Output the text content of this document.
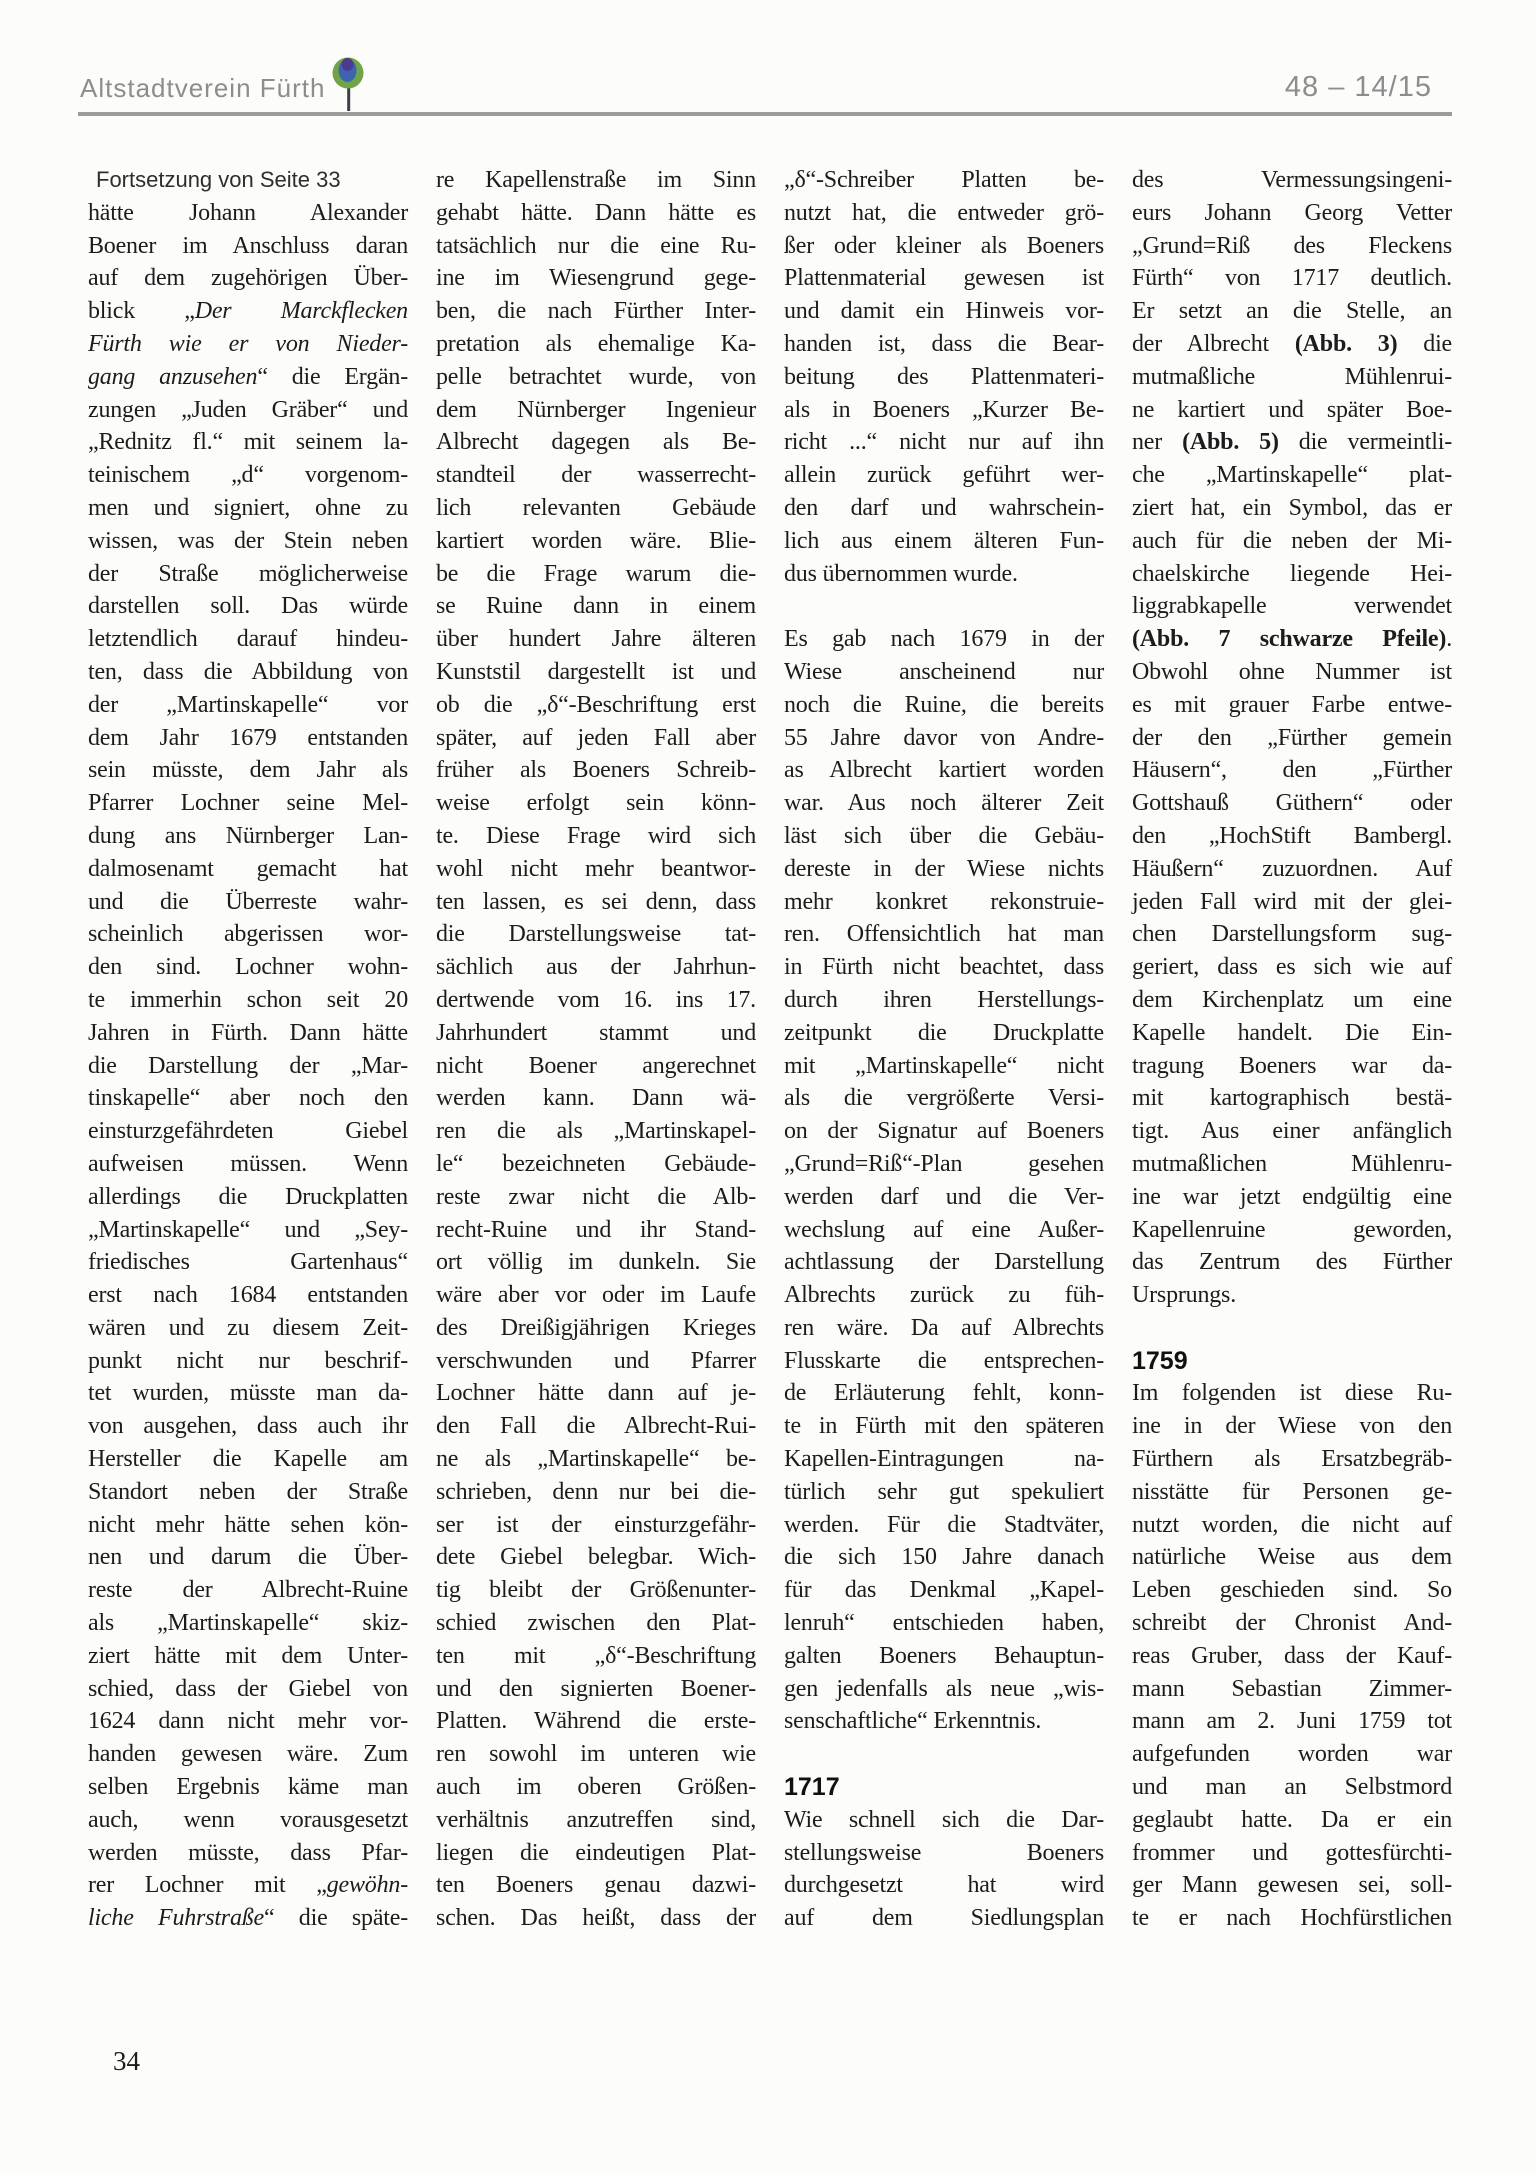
Altstadtverein Fürth	48 – 14/15
Fortsetzung von Seite 33
hätte Johann Alexander
Boener im Anschluss daran
auf dem zugehörigen Über-
blick „Der Marckflecken
Fürth wie er von Nieder-
gang anzusehen“ die Ergän-
zungen „Juden Gräber“ und
„Rednitz fl.“ mit seinem la-
teinischem „d“ vorgenom-
men und signiert, ohne zu
wissen, was der Stein neben
der Straße möglicherweise
darstellen soll. Das würde
letztendlich darauf hindeu-
ten, dass die Abbildung von
der „Martinskapelle“ vor
dem Jahr 1679 entstanden
sein müsste, dem Jahr als
Pfarrer Lochner seine Mel-
dung ans Nürnberger Lan-
dalmosenamt gemacht hat
und die Überreste wahr-
scheinlich abgerissen wor-
den sind. Lochner wohn-
te immerhin schon seit 20
Jahren in Fürth. Dann hätte
die Darstellung der „Mar-
tinskapelle“ aber noch den
einsturzgefährdeten Giebel
aufweisen müssen. Wenn
allerdings die Druckplatten
„Martinskapelle“ und „Sey-
friedisches Gartenhaus“
erst nach 1684 entstanden
wären und zu diesem Zeit-
punkt nicht nur beschrif-
tet wurden, müsste man da-
von ausgehen, dass auch ihr
Hersteller die Kapelle am
Standort neben der Straße
nicht mehr hätte sehen kön-
nen und darum die Über-
reste der Albrecht-Ruine
als „Martinskapelle“ skiz-
ziert hätte mit dem Unter-
schied, dass der Giebel von
1624 dann nicht mehr vor-
handen gewesen wäre. Zum
selben Ergebnis käme man
auch, wenn vorausgesetzt
werden müsste, dass Pfar-
rer Lochner mit „gewöhn-
liche Fuhrstraße“ die späte-
re Kapellenstraße im Sinn
gehabt hätte. Dann hätte es
tatsächlich nur die eine Ru-
ine im Wiesengrund gege-
ben, die nach Fürther Inter-
pretation als ehemalige Ka-
pelle betrachtet wurde, von
dem Nürnberger Ingenieur
Albrecht dagegen als Be-
standteil der wasserrecht-
lich relevanten Gebäude
kartiert worden wäre. Blie-
be die Frage warum die-
se Ruine dann in einem
über hundert Jahre älteren
Kunststil dargestellt ist und
ob die „δ“-Beschriftung erst
später, auf jeden Fall aber
früher als Boeners Schreib-
weise erfolgt sein könn-
te. Diese Frage wird sich
wohl nicht mehr beantwor-
ten lassen, es sei denn, dass
die Darstellungsweise tat-
sächlich aus der Jahrhun-
dertwende vom 16. ins 17.
Jahrhundert stammt und
nicht Boener angerechnet
werden kann. Dann wä-
ren die als „Martinskapel-
le“ bezeichneten Gebäude-
reste zwar nicht die Alb-
recht-Ruine und ihr Stand-
ort völlig im dunkeln. Sie
wäre aber vor oder im Laufe
des Dreißigjährigen Krieges
verschwunden und Pfarrer
Lochner hätte dann auf je-
den Fall die Albrecht-Rui-
ne als „Martinskapelle“ be-
schrieben, denn nur bei die-
ser ist der einsturzgefähr-
dete Giebel belegbar. Wich-
tig bleibt der Größenunter-
schied zwischen den Plat-
ten mit „δ“-Beschriftung
und den signierten Boener-
Platten. Während die erste-
ren sowohl im unteren wie
auch im oberen Größen-
verhältnis anzutreffen sind,
liegen die eindeutigen Plat-
ten Boeners genau dazwi-
schen. Das heißt, dass der
„δ“-Schreiber Platten be-
nutzt hat, die entweder grö-
ßer oder kleiner als Boeners
Plattenmaterial gewesen ist
und damit ein Hinweis vor-
handen ist, dass die Bear-
beitung des Plattenmateri-
als in Boeners „Kurzer Be-
richt ...“ nicht nur auf ihn
allein zurück geführt wer-
den darf und wahrschein-
lich aus einem älteren Fun-
dus übernommen wurde.
Es gab nach 1679 in der
Wiese anscheinend nur
noch die Ruine, die bereits
55 Jahre davor von Andre-
as Albrecht kartiert worden
war. Aus noch älterer Zeit
läst sich über die Gebäu-
dereste in der Wiese nichts
mehr konkret rekonstruie-
ren. Offensichtlich hat man
in Fürth nicht beachtet, dass
durch ihren Herstellungs-
zeitpunkt die Druckplatte
mit „Martinskapelle“ nicht
als die vergrößerte Versi-
on der Signatur auf Boeners
„Grund=Riß“-Plan gesehen
werden darf und die Ver-
wechslung auf eine Außer-
achtlassung der Darstellung
Albrechts zurück zu füh-
ren wäre. Da auf Albrechts
Flusskarte die entsprechen-
de Erläuterung fehlt, konn-
te in Fürth mit den späteren
Kapellen-Eintragungen na-
türlich sehr gut spekuliert
werden. Für die Stadtväter,
die sich 150 Jahre danach
für das Denkmal „Kapel-
lenruh“ entschieden haben,
galten Boeners Behauptun-
gen jedenfalls als neue „wis-
senschaftliche“ Erkenntnis.
1717
Wie schnell sich die Dar-
stellungsweise Boeners
durchgesetzt hat wird
auf dem Siedlungsplan
des Vermessungsingeni-
eurs Johann Georg Vetter
„Grund=Riß des Fleckens
Fürth“ von 1717 deutlich.
Er setzt an die Stelle, an
der Albrecht (Abb. 3) die
mutmaßliche Mühlenrui-
ne kartiert und später Boe-
ner (Abb. 5) die vermeintli-
che „Martinskapelle“ plat-
ziert hat, ein Symbol, das er
auch für die neben der Mi-
chaelskirche liegende Hei-
liggrabkapelle verwendet
(Abb. 7 schwarze Pfeile).
Obwohl ohne Nummer ist
es mit grauer Farbe entwe-
der den „Fürther gemein
Häusern“, den „Fürther
Gottshauß Güthern“ oder
den „HochStift Bambergl.
Häußern“ zuzuordnen. Auf
jeden Fall wird mit der glei-
chen Darstellungsform sug-
geriert, dass es sich wie auf
dem Kirchenplatz um eine
Kapelle handelt. Die Ein-
tragung Boeners war da-
mit kartographisch bestä-
tigt. Aus einer anfänglich
mutmaßlichen Mühlenru-
ine war jetzt endgültig eine
Kapellenruine geworden,
das Zentrum des Fürther
Ursprungs.
1759
Im folgenden ist diese Ru-
ine in der Wiese von den
Fürthern als Ersatzbegräb-
nisstätte für Personen ge-
nutzt worden, die nicht auf
natürliche Weise aus dem
Leben geschieden sind. So
schreibt der Chronist And-
reas Gruber, dass der Kauf-
mann Sebastian Zimmer-
mann am 2. Juni 1759 tot
aufgefunden worden war
und man an Selbstmord
geglaubt hatte. Da er ein
frommer und gottesfürchti-
ger Mann gewesen sei, soll-
te er nach Hochfürstlichen
34
